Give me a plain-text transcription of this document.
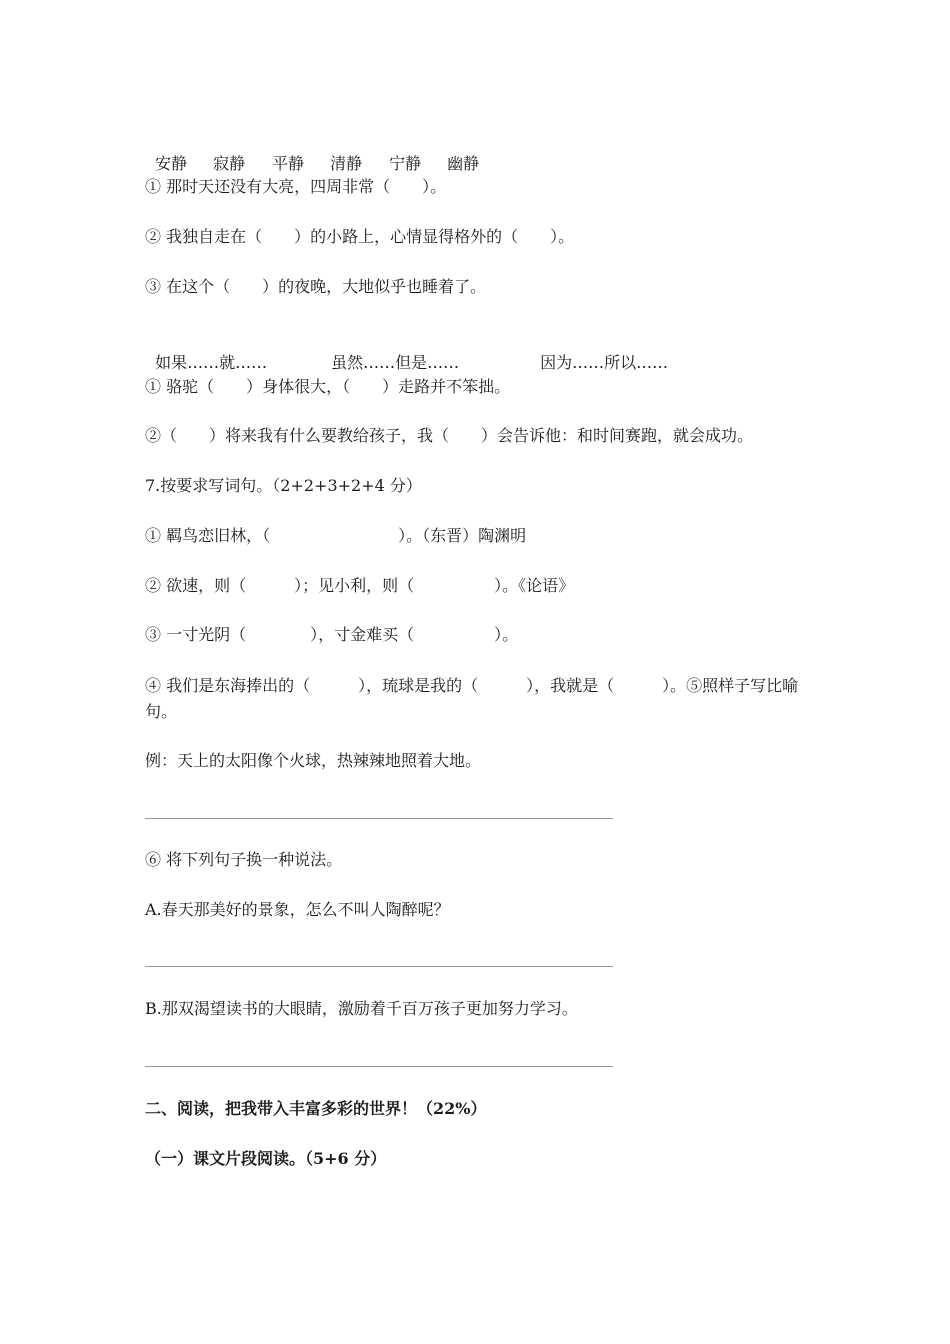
安静 寂静 平静 清静 宁静 幽静

① 那时天还没有大亮，四周非常（　　）。
② 我独自走在（　　）的小路上，心情显得格外的（　　）。
③ 在这个（　　）的夜晚，大地似乎也睡着了。

如果……就……	虽然……但是……	因为……所以……

① 骆驼（　　）身体很大，（　　）走路并不笨拙。
②（　　）将来我有什么要教给孩子，我（　　）会告诉他：和时间赛跑，就会成功。
7.按要求写词句。（2+2+3+2+4 分）
① 羁鸟恋旧林，（　　　　　　　　）。（东晋）陶渊明
② 欲速，则（　　　）；见小利，则（　　　　　）。《论语》
③ 一寸光阴（　　　　），寸金难买（　　　　　）。
④ 我们是东海捧出的（　　　），琉球是我的（　　　），我就是（　　　）。⑤照样子写比喻句。
例：天上的太阳像个火球，热辣辣地照着大地。
⑥ 将下列句子换一种说法。
A.春天那美好的景象，怎么不叫人陶醉呢？
B.那双渴望读书的大眼睛，激励着千百万孩子更加努力学习。
二、阅读，把我带入丰富多彩的世界！（22%）
（一）课文片段阅读。（5+6 分）
